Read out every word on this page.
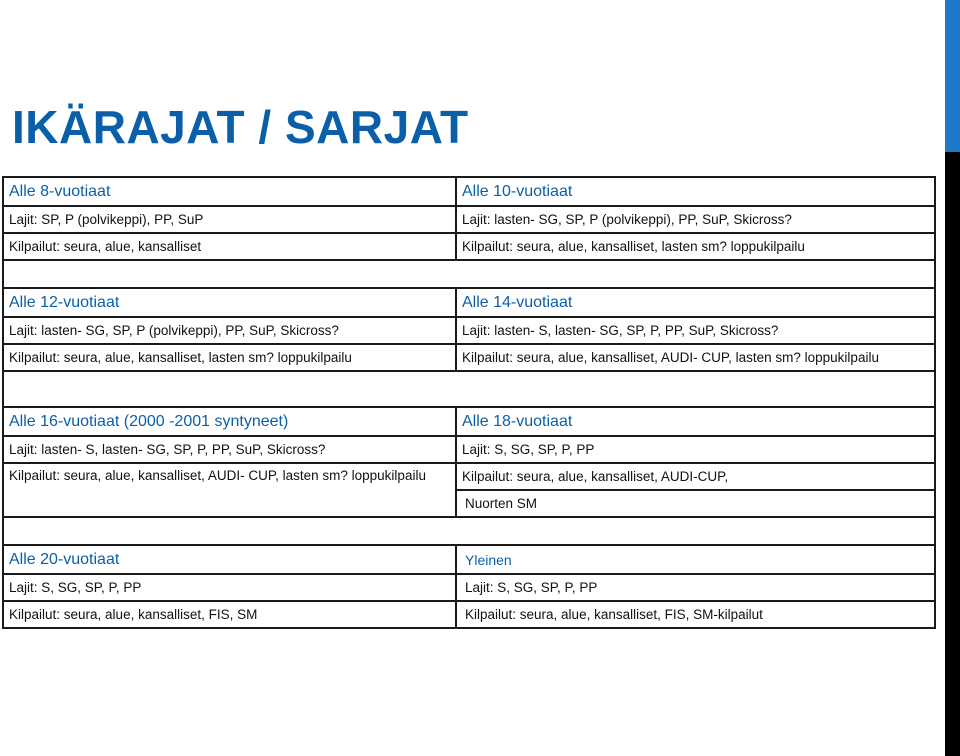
IKÄRAJAT / SARJAT
Alle 8-vuotiaat	Alle 10-vuotiaat
Lajit: SP, P (polvikeppi), PP, SuP	Lajit: lasten- SG, SP, P (polvikeppi), PP, SuP, Skicross?
Kilpailut: seura, alue, kansalliset	Kilpailut: seura, alue, kansalliset, lasten sm? loppukilpailu

Alle 12-vuotiaat	Alle 14-vuotiaat
Lajit: lasten- SG, SP, P (polvikeppi), PP, SuP, Skicross?	Lajit: lasten- S, lasten- SG, SP, P, PP, SuP, Skicross?
Kilpailut: seura, alue, kansalliset, lasten sm? loppukilpailu	Kilpailut: seura, alue, kansalliset, AUDI- CUP, lasten sm? loppukilpailu

Alle 16-vuotiaat (2000 -2001 syntyneet)	Alle 18-vuotiaat
Lajit: lasten- S, lasten- SG, SP, P, PP, SuP, Skicross?	Lajit: S, SG, SP, P, PP
Kilpailut: seura, alue, kansalliset, AUDI- CUP, lasten sm? loppukilpailu	Kilpailut: seura, alue, kansalliset, AUDI-CUP,
	Nuorten SM

Alle 20-vuotiaat	Yleinen
Lajit: S, SG, SP, P, PP	Lajit: S, SG, SP, P, PP
Kilpailut: seura, alue, kansalliset, FIS, SM	Kilpailut: seura, alue, kansalliset, FIS, SM-kilpailut
